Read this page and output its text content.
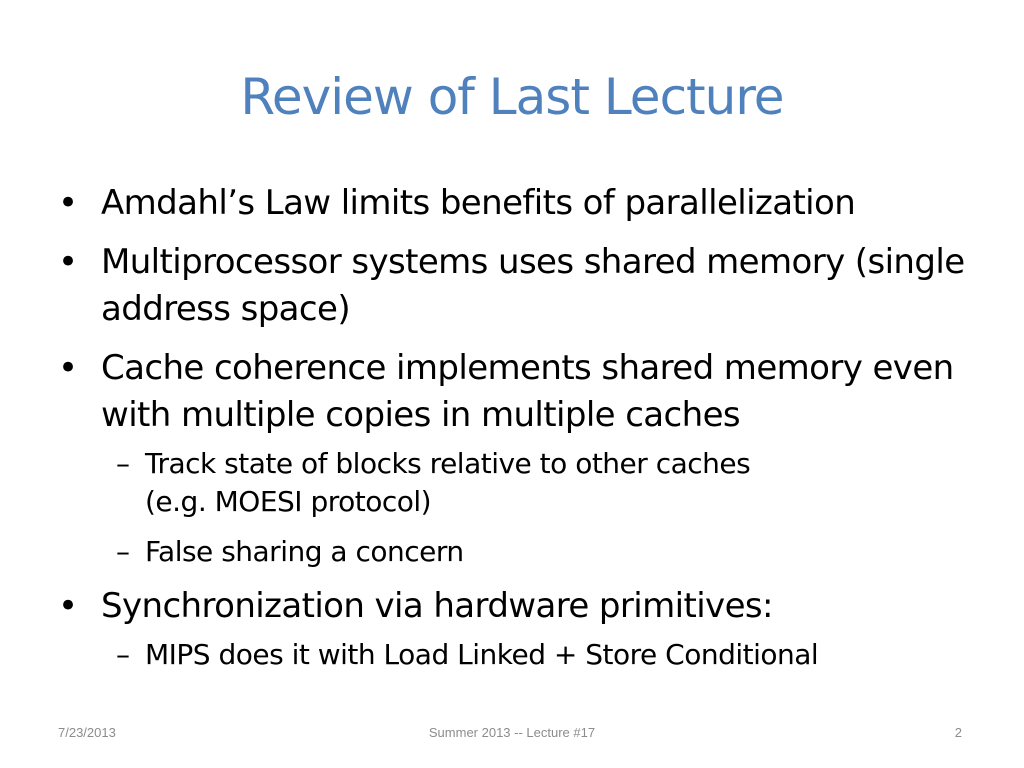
Review of Last Lecture
• Amdahl’s Law limits benefits of parallelization
• Multiprocessor systems uses shared memory (single address space)
• Cache coherence implements shared memory even with multiple copies in multiple caches
– Track state of blocks relative to other caches
(e.g. MOESI protocol)
– False sharing a concern
• Synchronization via hardware primitives:
– MIPS does it with Load Linked + Store Conditional
7/23/2013	Summer 2013 -- Lecture #17	2
